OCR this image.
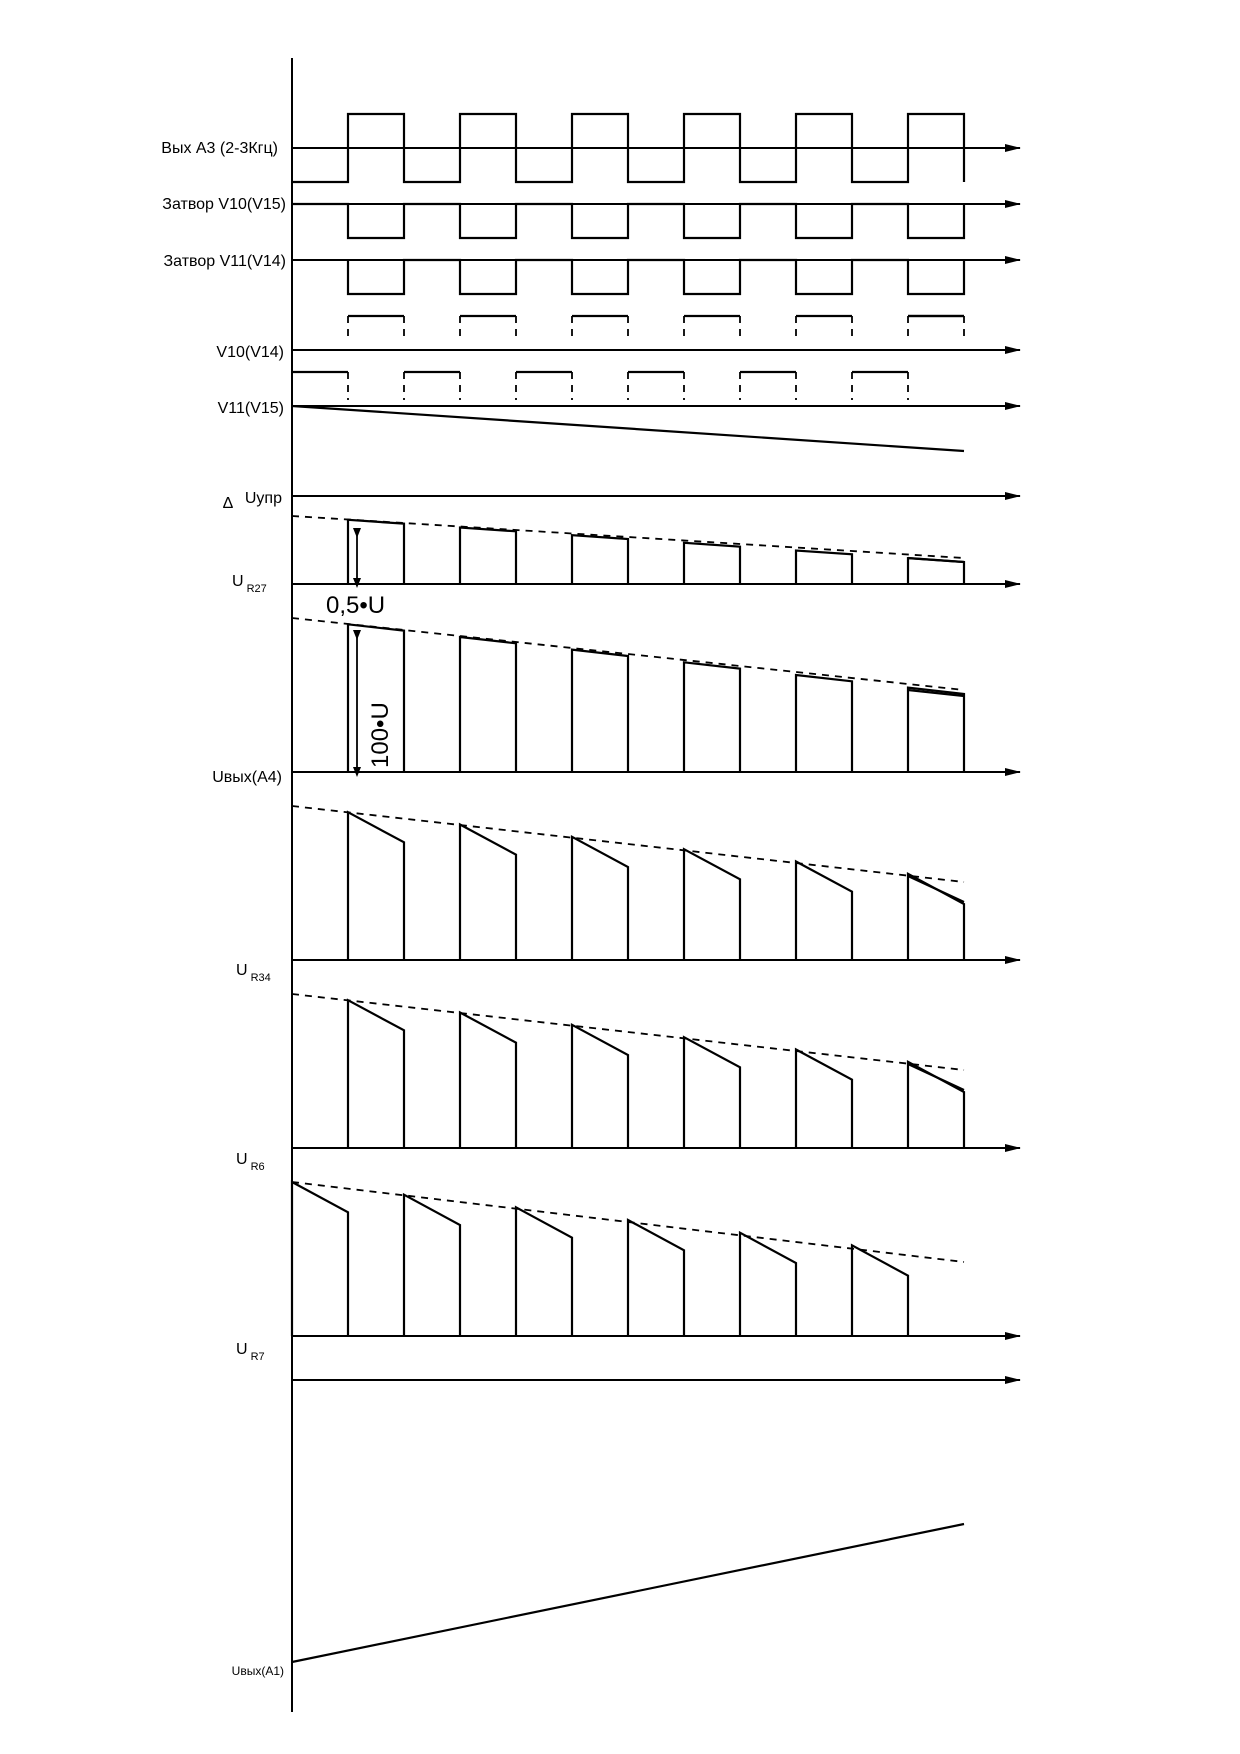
Вых А3 (2-3Кгц)
Затвор V10(V15)
Затвор V11(V14)
V10(V14)
V11(V15)
Δ Uупр
U $_{R27}$
Uвых(А4)
U $_{R34}$
U $_{R6}$
U $_{R7}$
Uвых(А1)
0,5•U
100•U
